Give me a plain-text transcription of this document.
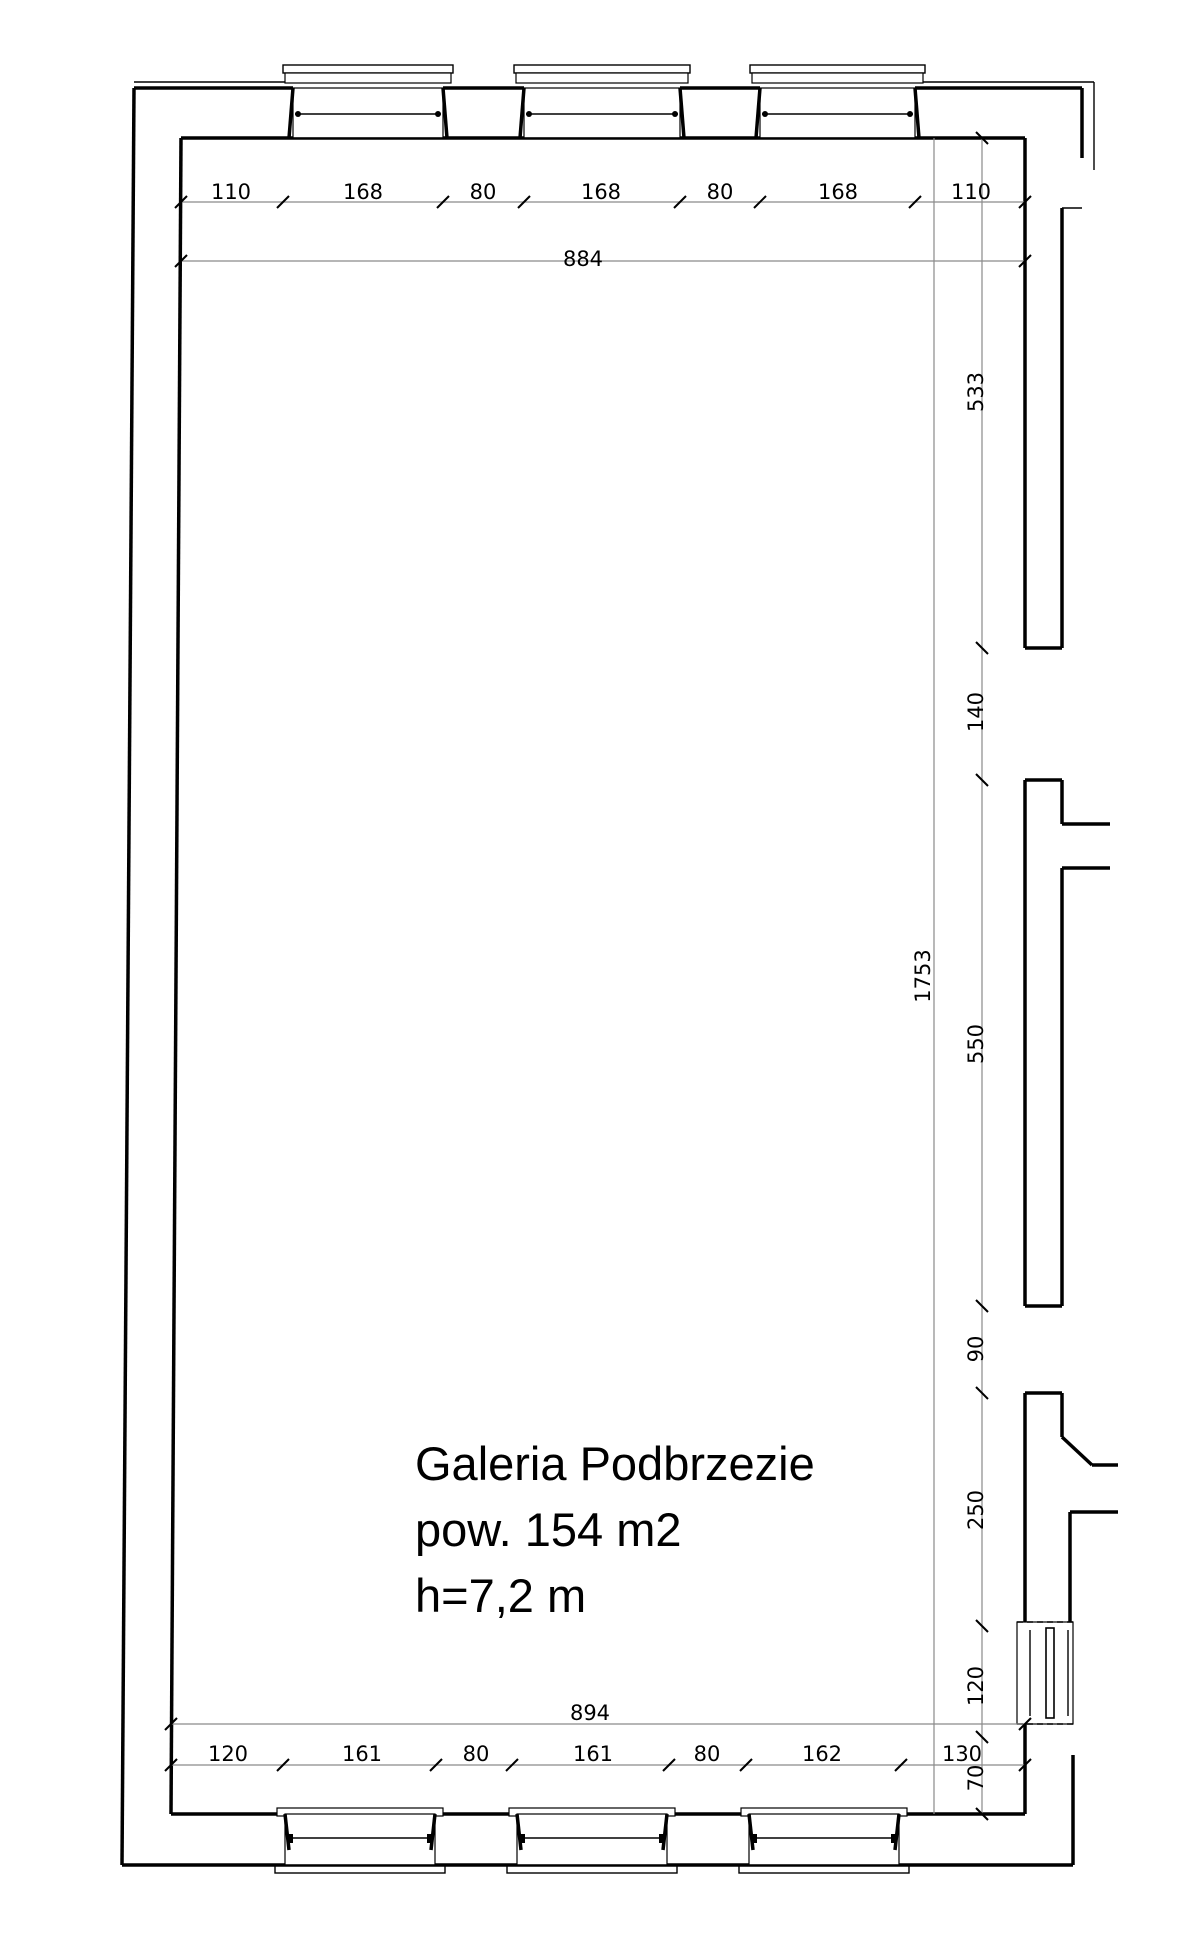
110	168	80	168	80	168	110
884
894
120	161	80	161	80	162	130
533
140
550
90
250
120
70
1753
Galeria Podbrzezie
pow. 154 m2
h=7,2 m
